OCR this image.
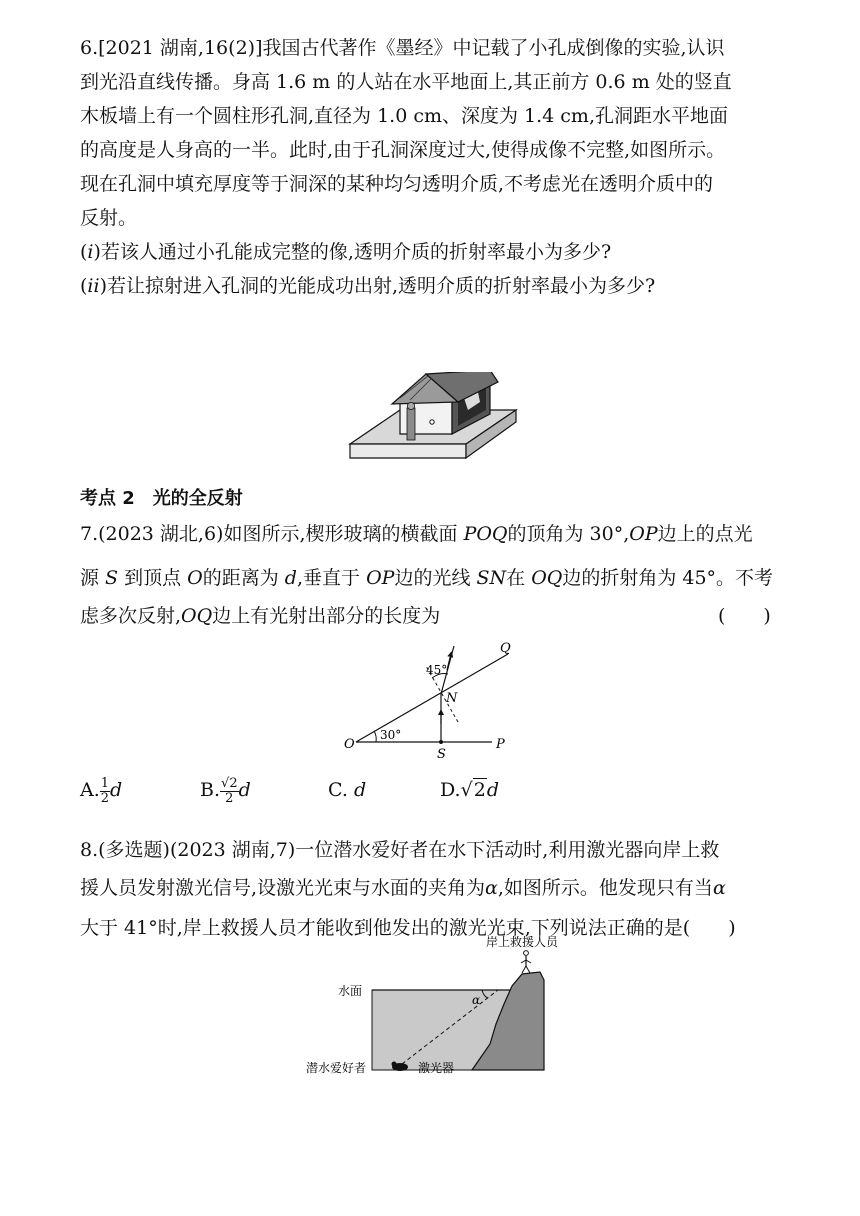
6.[2021 湖南,16(2)]我国古代著作《墨经》中记载了小孔成倒像的实验,认识
到光沿直线传播。身高 1.6 m 的人站在水平地面上,其正前方 0.6 m 处的竖直
木板墙上有一个圆柱形孔洞,直径为 1.0 cm、深度为 1.4 cm,孔洞距水平地面
的高度是人身高的一半。此时,由于孔洞深度过大,使得成像不完整,如图所示。
现在孔洞中填充厚度等于洞深的某种均匀透明介质,不考虑光在透明介质中的
反射。
(i)若该人通过小孔能成完整的像,透明介质的折射率最小为多少?
(ii)若让掠射进入孔洞的光能成功出射,透明介质的折射率最小为多少?
考点 2　光的全反射
7.(2023 湖北,6)如图所示,楔形玻璃的横截面 POQ的顶角为 30°,OP边上的点光
源 S 到顶点 O的距离为 d,垂直于 OP边的光线 SN在 OQ边的折射角为 45°。不考
虑多次反射,OQ边上有光射出部分的长度为	(　　)
45°
30°
O	P
Q
N
S
A. $\frac{1}{2}$ d	B. $\frac{√2}{2}$ d	C. d	D.√2d
8.(多选题)(2023 湖南,7)一位潜水爱好者在水下活动时,利用激光器向岸上救
援人员发射激光信号,设激光光束与水面的夹角为α,如图所示。他发现只有当α
大于 41°时,岸上救援人员才能收到他发出的激光光束,下列说法正确的是(　　)
岸上救援人员
水面
α
潜水爱好者	激光器
